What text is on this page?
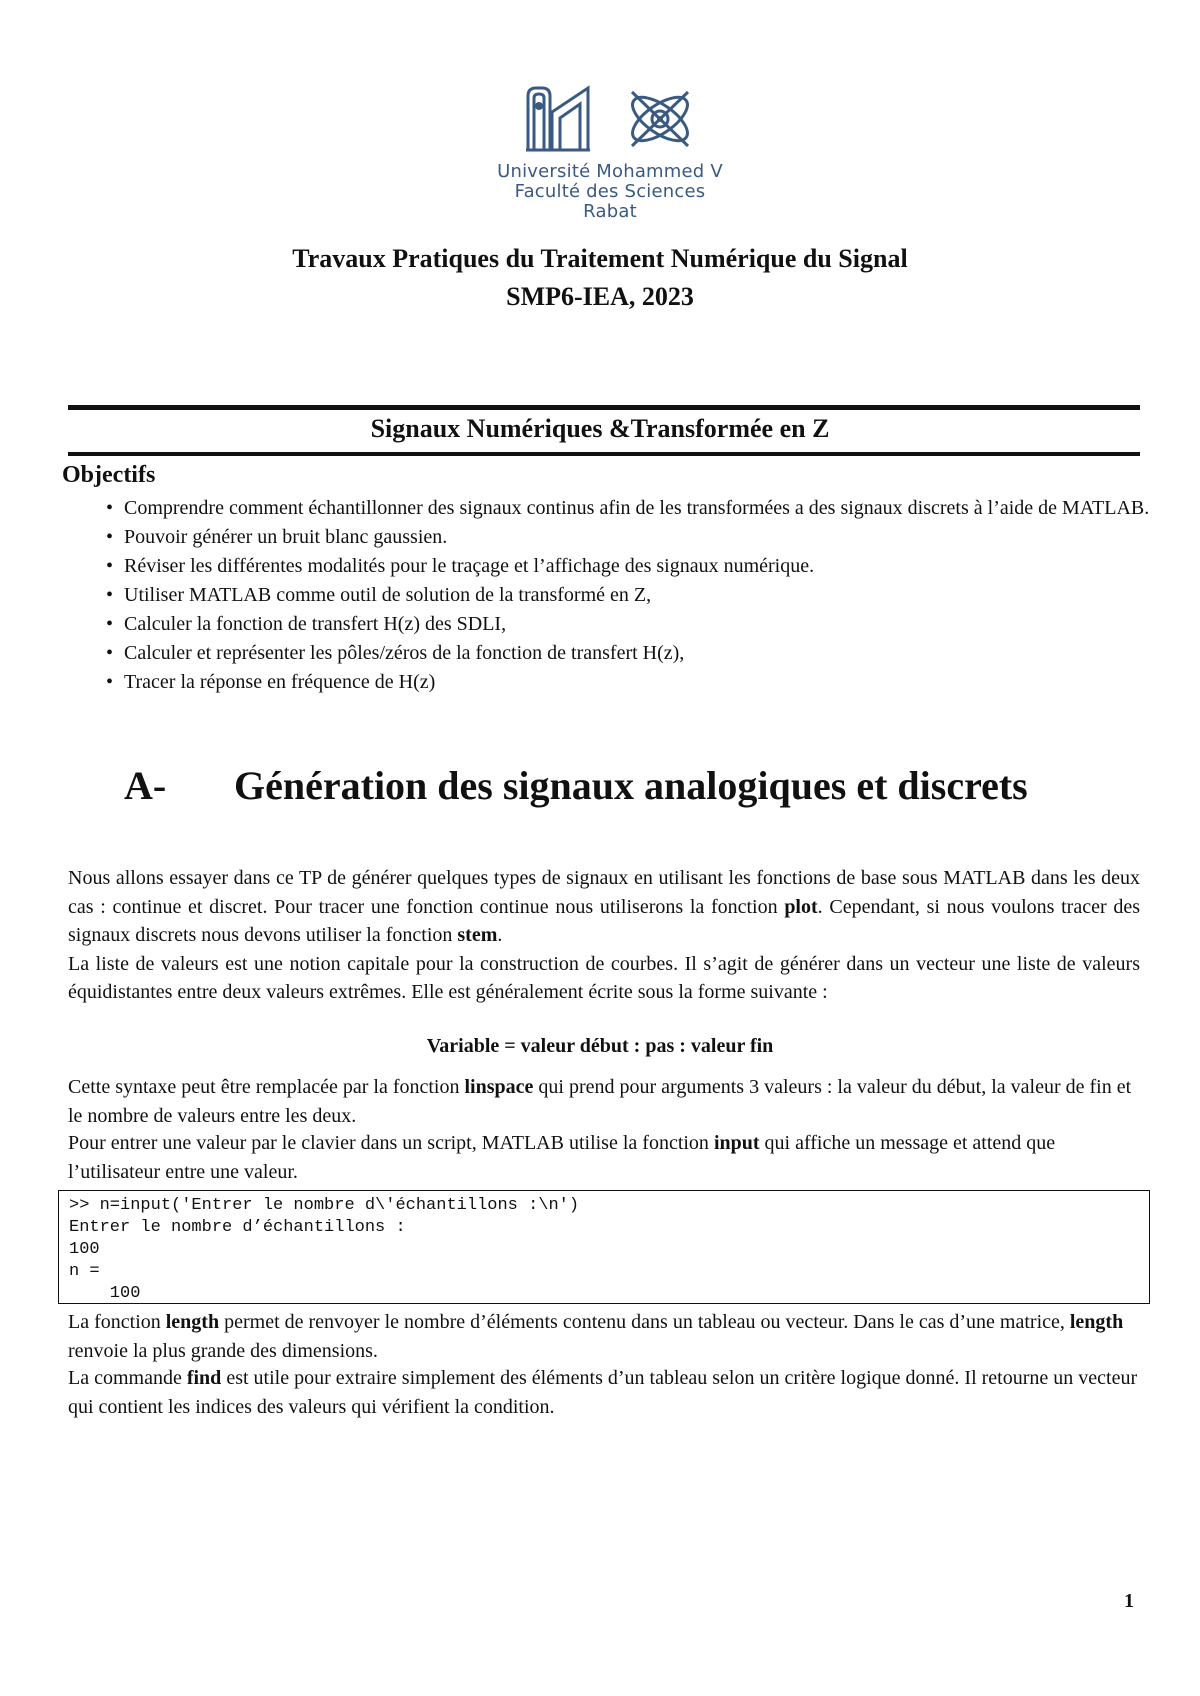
Université Mohammed V
Faculté des Sciences
Rabat
Travaux Pratiques du Traitement Numérique du Signal
SMP6-IEA, 2023
Signaux Numériques &Transformée en Z
Objectifs
• Comprendre comment échantillonner des signaux continus afin de les transformées a des signaux discrets à l’aide de MATLAB.
• Pouvoir générer un bruit blanc gaussien.
• Réviser les différentes modalités pour le traçage et l’affichage des signaux numérique.
• Utiliser MATLAB comme outil de solution de la transformé en Z,
• Calculer la fonction de transfert H(z) des SDLI,
• Calculer et représenter les pôles/zéros de la fonction de transfert H(z),
• Tracer la réponse en fréquence de H(z)
A- Génération des signaux analogiques et discrets

Nous allons essayer dans ce TP de générer quelques types de signaux en utilisant les fonctions de base sous MATLAB dans les deux cas : continue et discret. Pour tracer une fonction continue nous utiliserons la fonction plot. Cependant, si nous voulons tracer des signaux discrets nous devons utiliser la fonction stem.
La liste de valeurs est une notion capitale pour la construction de courbes. Il s’agit de générer dans un vecteur une liste de valeurs équidistantes entre deux valeurs extrêmes. Elle est généralement écrite sous la forme suivante :

Variable = valeur début : pas : valeur fin

Cette syntaxe peut être remplacée par la fonction linspace qui prend pour arguments 3 valeurs : la valeur du début, la valeur de fin et le nombre de valeurs entre les deux.

Pour entrer une valeur par le clavier dans un script, MATLAB utilise la fonction input qui affiche un message et attend que l’utilisateur entre une valeur.

>> n=input('Entrer le nombre d\'échantillons :\n')
Entrer le nombre d’échantillons :
100
n =
100

La fonction length permet de renvoyer le nombre d’éléments contenu dans un tableau ou vecteur. Dans le cas d’une matrice, length renvoie la plus grande des dimensions.

La commande find est utile pour extraire simplement des éléments d’un tableau selon un critère logique donné. Il retourne un vecteur qui contient les indices des valeurs qui vérifient la condition.

1
